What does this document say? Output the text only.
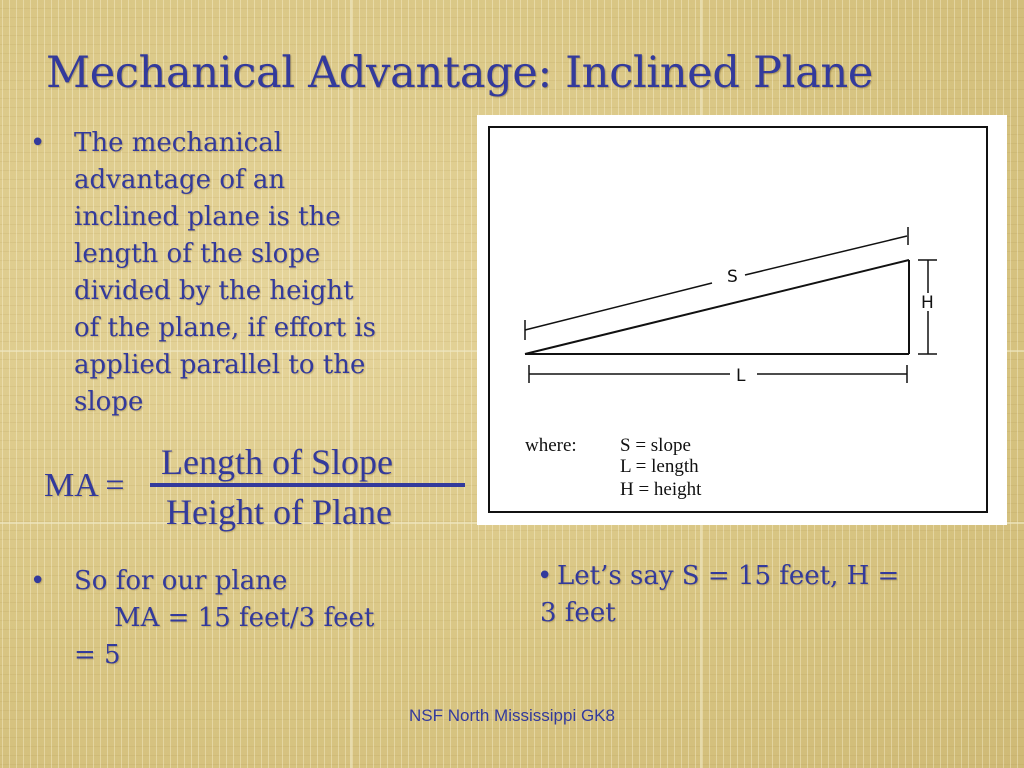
Mechanical Advantage: Inclined Plane
• The mechanical
advantage of an
inclined plane is the
length of the slope
divided by the height
of the plane, if effort is
applied parallel to the
slope
MA =
Length of Slope
Height of Plane
S
H
L
where: S = slope
L = length
H = height
• So for our plane
MA = 15 feet/3 feet
= 5
• Let’s say S = 15 feet, H =
3 feet
NSF North Mississippi GK8
